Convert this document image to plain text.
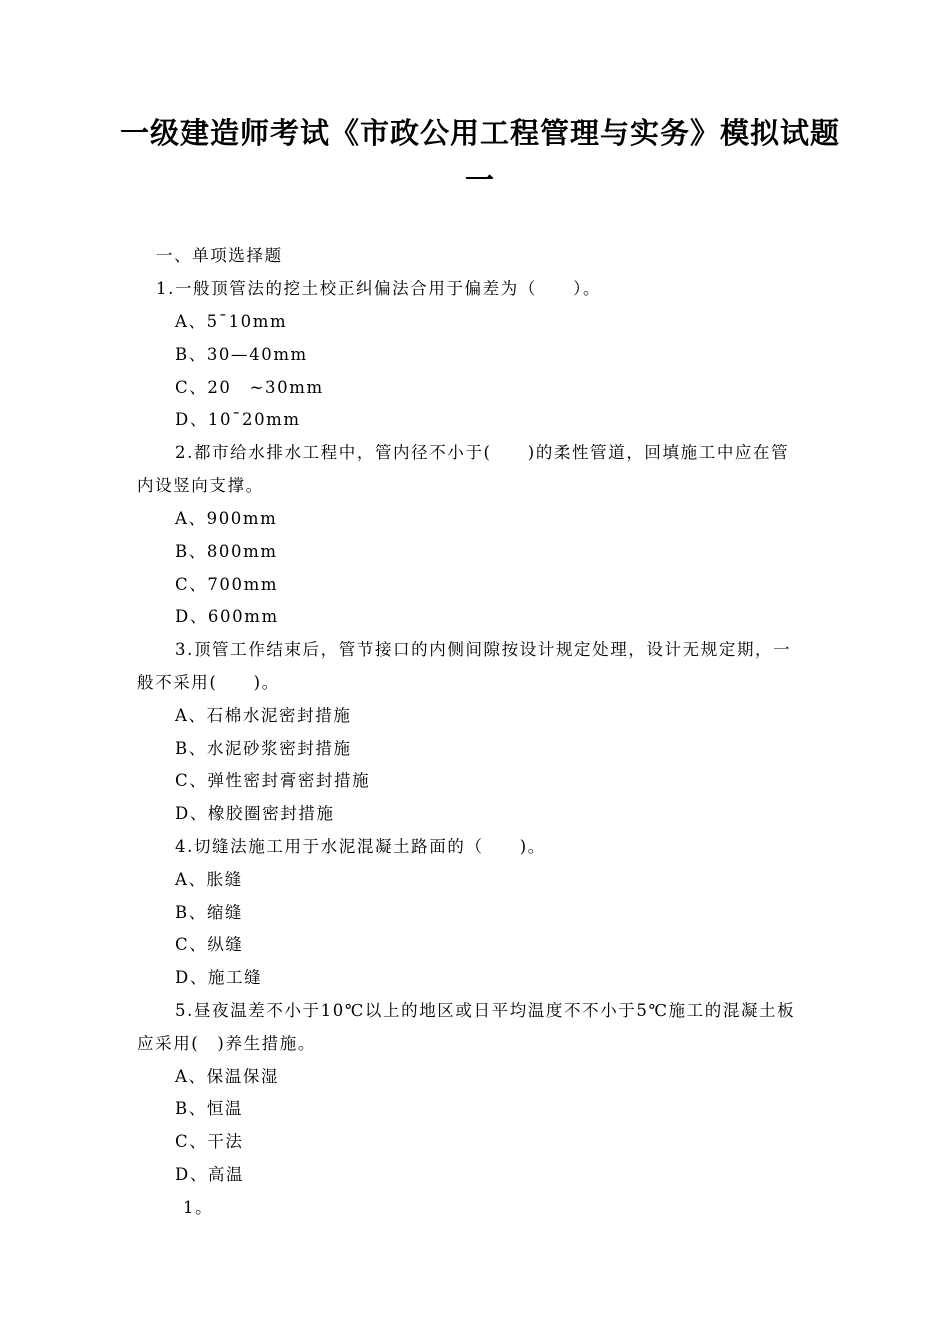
一级建造师考试《市政公用工程管理与实务》模拟试题
一
一、单项选择题
1.一般顶管法的挖土校正纠偏法合用于偏差为（　　）。
A、5¯10mm
B、30—40mm
C、20　~30mm
D、10¯20mm
2.都市给水排水工程中，管内径不小于(　　)的柔性管道，回填施工中应在管
内设竖向支撑。
A、900mm
B、800mm
C、700mm
D、600mm
3.顶管工作结束后，管节接口的内侧间隙按设计规定处理，设计无规定期，一
般不采用(　　)。
A、石棉水泥密封措施
B、水泥砂浆密封措施
C、弹性密封膏密封措施
D、橡胶圈密封措施
4.切缝法施工用于水泥混凝土路面的（　　)。
A、胀缝
B、缩缝
C、纵缝
D、施工缝
5.昼夜温差不小于10℃以上的地区或日平均温度不不小于5℃施工的混凝土板
应采用(　)养生措施。
A、保温保湿
B、恒温
C、干法
D、高温
1。
